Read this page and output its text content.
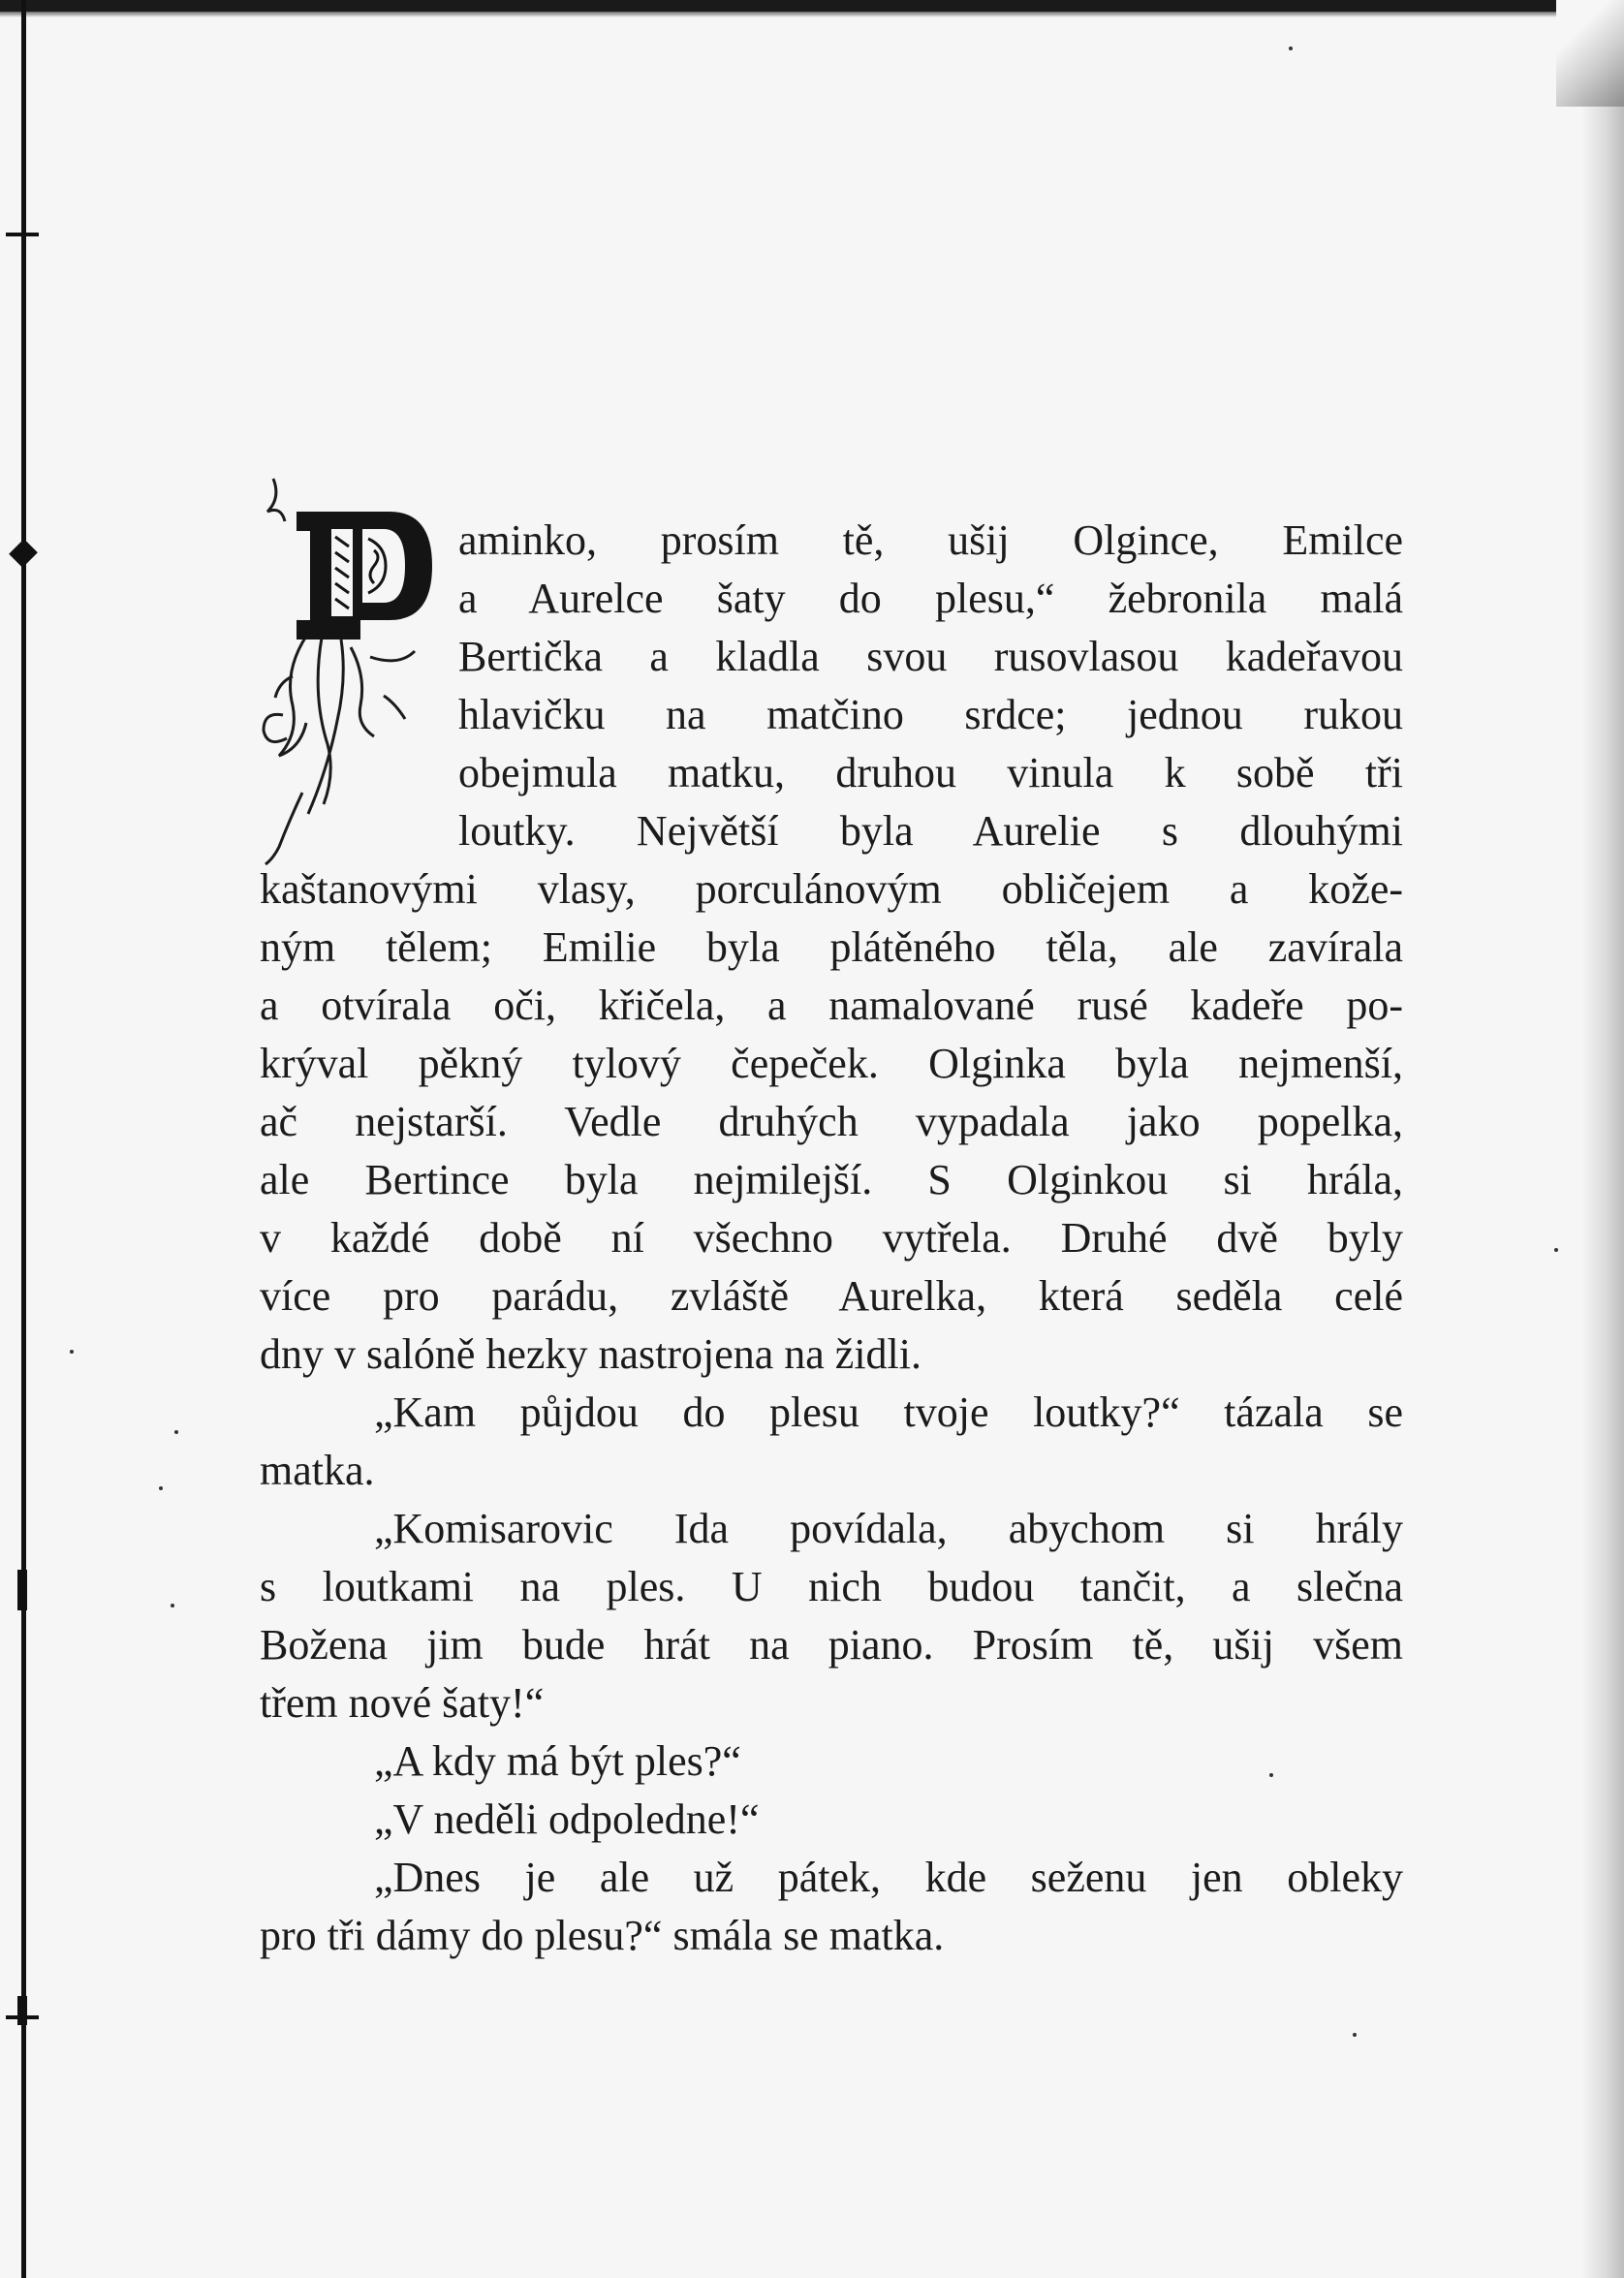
aminko, prosím tě, ušij Olgince, Emilce
a Aurelce šaty do plesu,“ žebronila malá
Bertička a kladla svou rusovlasou kadeřavou
hlavičku na matčino srdce; jednou rukou
obejmula matku, druhou vinula k sobě tři
loutky. Největší byla Aurelie s dlouhými
kaštanovými vlasy, porculánovým obličejem a kože-
ným tělem; Emilie byla plátěného těla, ale zavírala
a otvírala oči, křičela, a namalované rusé kadeře po-
krýval pěkný tylový čepeček. Olginka byla nejmenší,
ač nejstarší. Vedle druhých vypadala jako popelka,
ale Bertince byla nejmilejší. S Olginkou si hrála,
v každé době ní všechno vytřela. Druhé dvě byly
více pro parádu, zvláště Aurelka, která seděla celé
dny v salóně hezky nastrojena na židli.
„Kam půjdou do plesu tvoje loutky?“ tázala se
matka.
„Komisarovic Ida povídala, abychom si hrály
s loutkami na ples. U nich budou tančit, a slečna
Božena jim bude hrát na piano. Prosím tě, ušij všem
třem nové šaty!“
„A kdy má být ples?“
„V neděli odpoledne!“
„Dnes je ale už pátek, kde seženu jen obleky
pro tři dámy do plesu?“ smála se matka.
